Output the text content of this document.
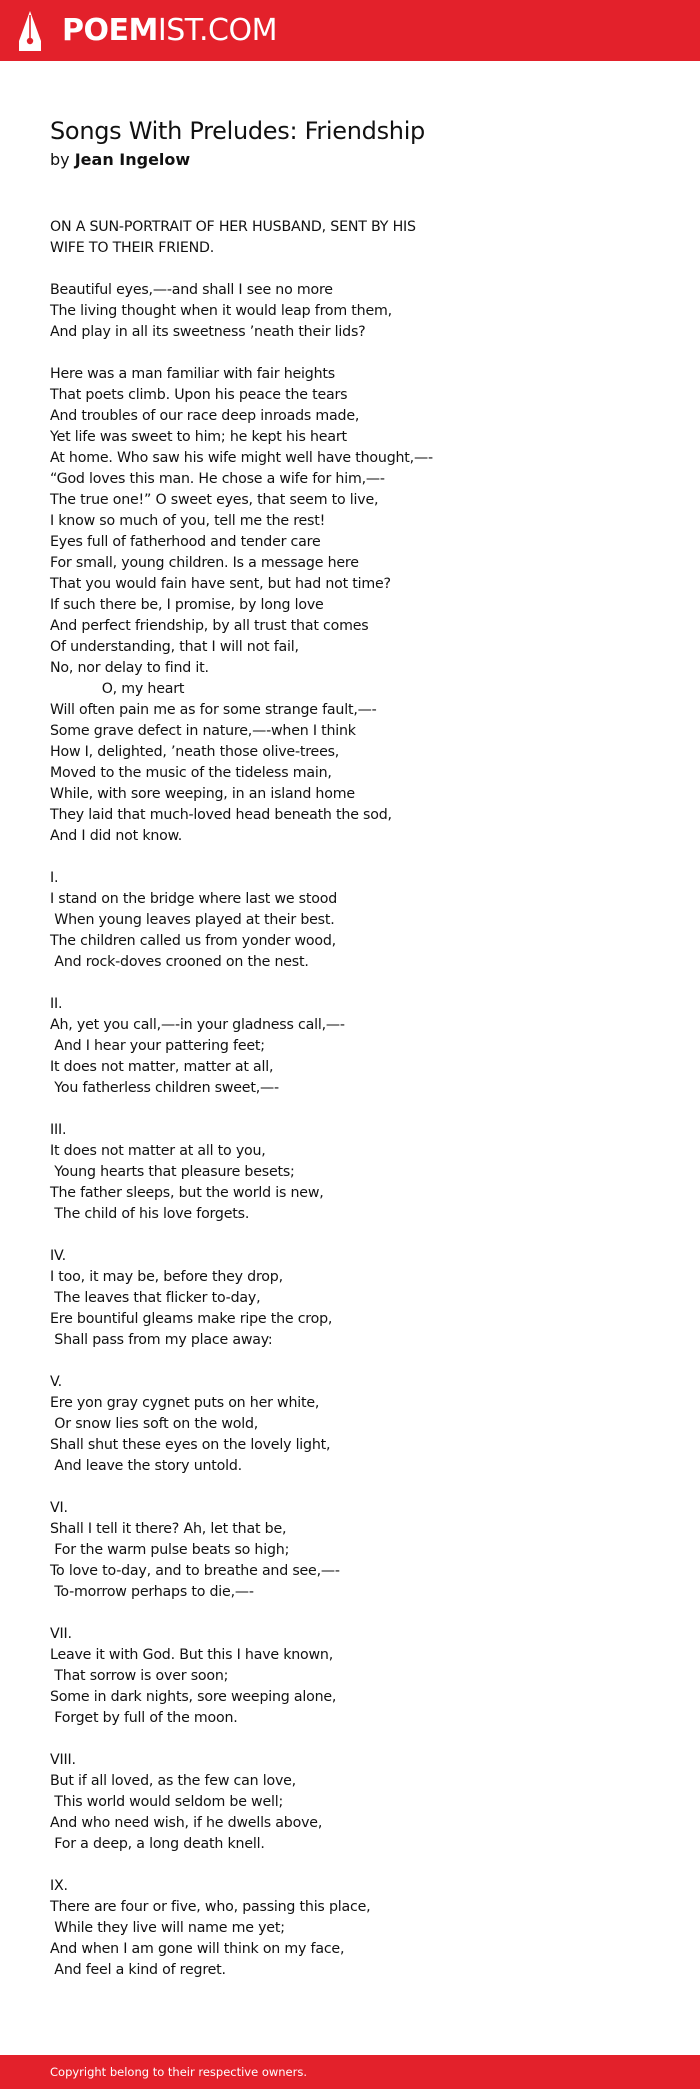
POEMIST.COM
Songs With Preludes: Friendship
by Jean Ingelow
ON A SUN-PORTRAIT OF HER HUSBAND, SENT BY HIS
WIFE TO THEIR FRIEND.

Beautiful eyes,—-and shall I see no more
The living thought when it would leap from them,
And play in all its sweetness ’neath their lids?

Here was a man familiar with fair heights
That poets climb. Upon his peace the tears
And troubles of our race deep inroads made,
Yet life was sweet to him; he kept his heart
At home. Who saw his wife might well have thought,—-
“God loves this man. He chose a wife for him,—-
The true one!” O sweet eyes, that seem to live,
I know so much of you, tell me the rest!
Eyes full of fatherhood and tender care
For small, young children. Is a message here
That you would fain have sent, but had not time?
If such there be, I promise, by long love
And perfect friendship, by all trust that comes
Of understanding, that I will not fail,
No, nor delay to find it.
O, my heart
Will often pain me as for some strange fault,—-
Some grave defect in nature,—-when I think
How I, delighted, ’neath those olive-trees,
Moved to the music of the tideless main,
While, with sore weeping, in an island home
They laid that much-loved head beneath the sod,
And I did not know.

I.
I stand on the bridge where last we stood
When young leaves played at their best.
The children called us from yonder wood,
And rock-doves crooned on the nest.

II.
Ah, yet you call,—-in your gladness call,—-
And I hear your pattering feet;
It does not matter, matter at all,
You fatherless children sweet,—-

III.
It does not matter at all to you,
Young hearts that pleasure besets;
The father sleeps, but the world is new,
The child of his love forgets.

IV.
I too, it may be, before they drop,
The leaves that flicker to-day,
Ere bountiful gleams make ripe the crop,
Shall pass from my place away:

V.
Ere yon gray cygnet puts on her white,
Or snow lies soft on the wold,
Shall shut these eyes on the lovely light,
And leave the story untold.

VI.
Shall I tell it there? Ah, let that be,
For the warm pulse beats so high;
To love to-day, and to breathe and see,—-
To-morrow perhaps to die,—-

VII.
Leave it with God. But this I have known,
That sorrow is over soon;
Some in dark nights, sore weeping alone,
Forget by full of the moon.

VIII.
But if all loved, as the few can love,
This world would seldom be well;
And who need wish, if he dwells above,
For a deep, a long death knell.

IX.
There are four or five, who, passing this place,
While they live will name me yet;
And when I am gone will think on my face,
And feel a kind of regret.
Copyright belong to their respective owners.
